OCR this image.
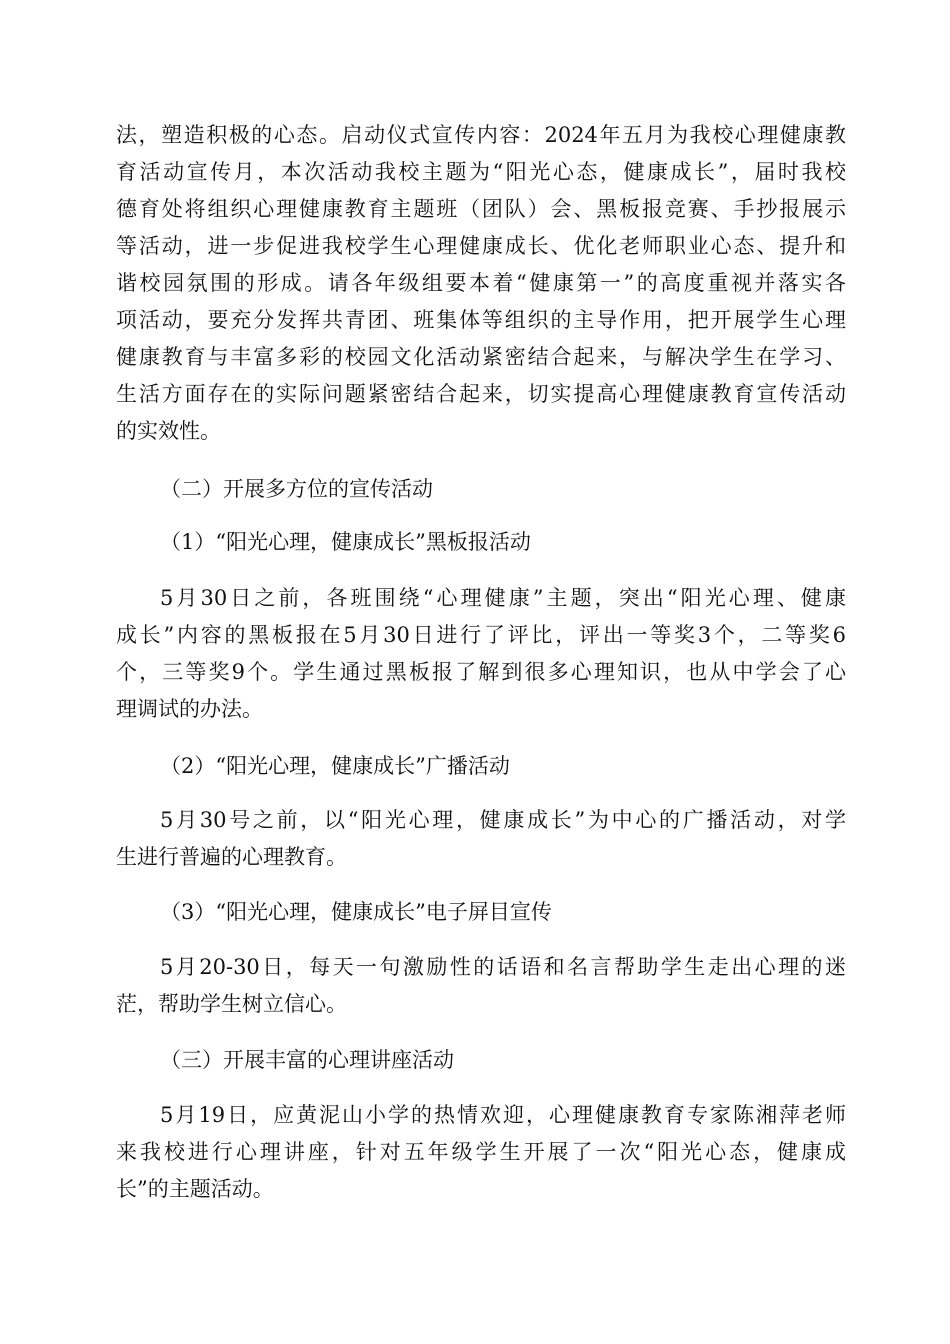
法，塑造积极的心态。启动仪式宣传内容：2024年五月为我校心理健康教
育活动宣传月，本次活动我校主题为“阳光心态，健康成长”，届时我校
德育处将组织心理健康教育主题班（团队）会、黑板报竞赛、手抄报展示
等活动，进一步促进我校学生心理健康成长、优化老师职业心态、提升和
谐校园氛围的形成。请各年级组要本着“健康第一”的高度重视并落实各
项活动，要充分发挥共青团、班集体等组织的主导作用，把开展学生心理
健康教育与丰富多彩的校园文化活动紧密结合起来，与解决学生在学习、
生活方面存在的实际问题紧密结合起来，切实提高心理健康教育宣传活动
的实效性。
（二）开展多方位的宣传活动
（1）“阳光心理，健康成长”黑板报活动
5月30日之前，各班围绕“心理健康”主题，突出“阳光心理、健康
成长”内容的黑板报在5月30日进行了评比，评出一等奖3个，二等奖6
个，三等奖9个。学生通过黑板报了解到很多心理知识，也从中学会了心
理调试的办法。
（2）“阳光心理，健康成长”广播活动
5月30号之前，以“阳光心理，健康成长”为中心的广播活动，对学
生进行普遍的心理教育。
（3）“阳光心理，健康成长”电子屏目宣传
5月20-30日，每天一句激励性的话语和名言帮助学生走出心理的迷
茫，帮助学生树立信心。
（三）开展丰富的心理讲座活动
5月19日，应黄泥山小学的热情欢迎，心理健康教育专家陈湘萍老师
来我校进行心理讲座，针对五年级学生开展了一次“阳光心态，健康成
长”的主题活动。
